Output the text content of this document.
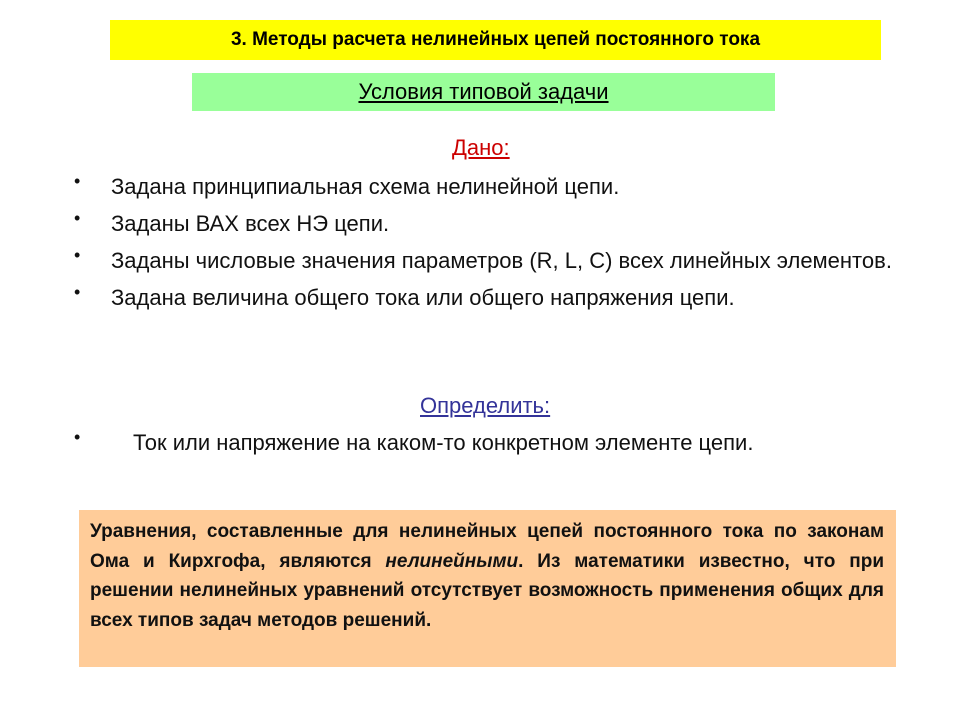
3. Методы расчета нелинейных цепей постоянного тока
Условия типовой задачи
Дано:
•	Задана принципиальная схема нелинейной цепи.
•	Заданы ВАХ всех НЭ цепи.
•	Заданы числовые значения параметров (R, L, C) всех линейных элементов.
•	Задана величина общего тока или общего напряжения цепи.
Определить:
•	Ток или напряжение на каком-то конкретном элементе цепи.
Уравнения, составленные для нелинейных цепей постоянного тока по законам Ома и Кирхгофа, являются нелинейными. Из математики известно, что при решении нелинейных уравнений отсутствует возможность применения общих для всех типов задач методов решений.
